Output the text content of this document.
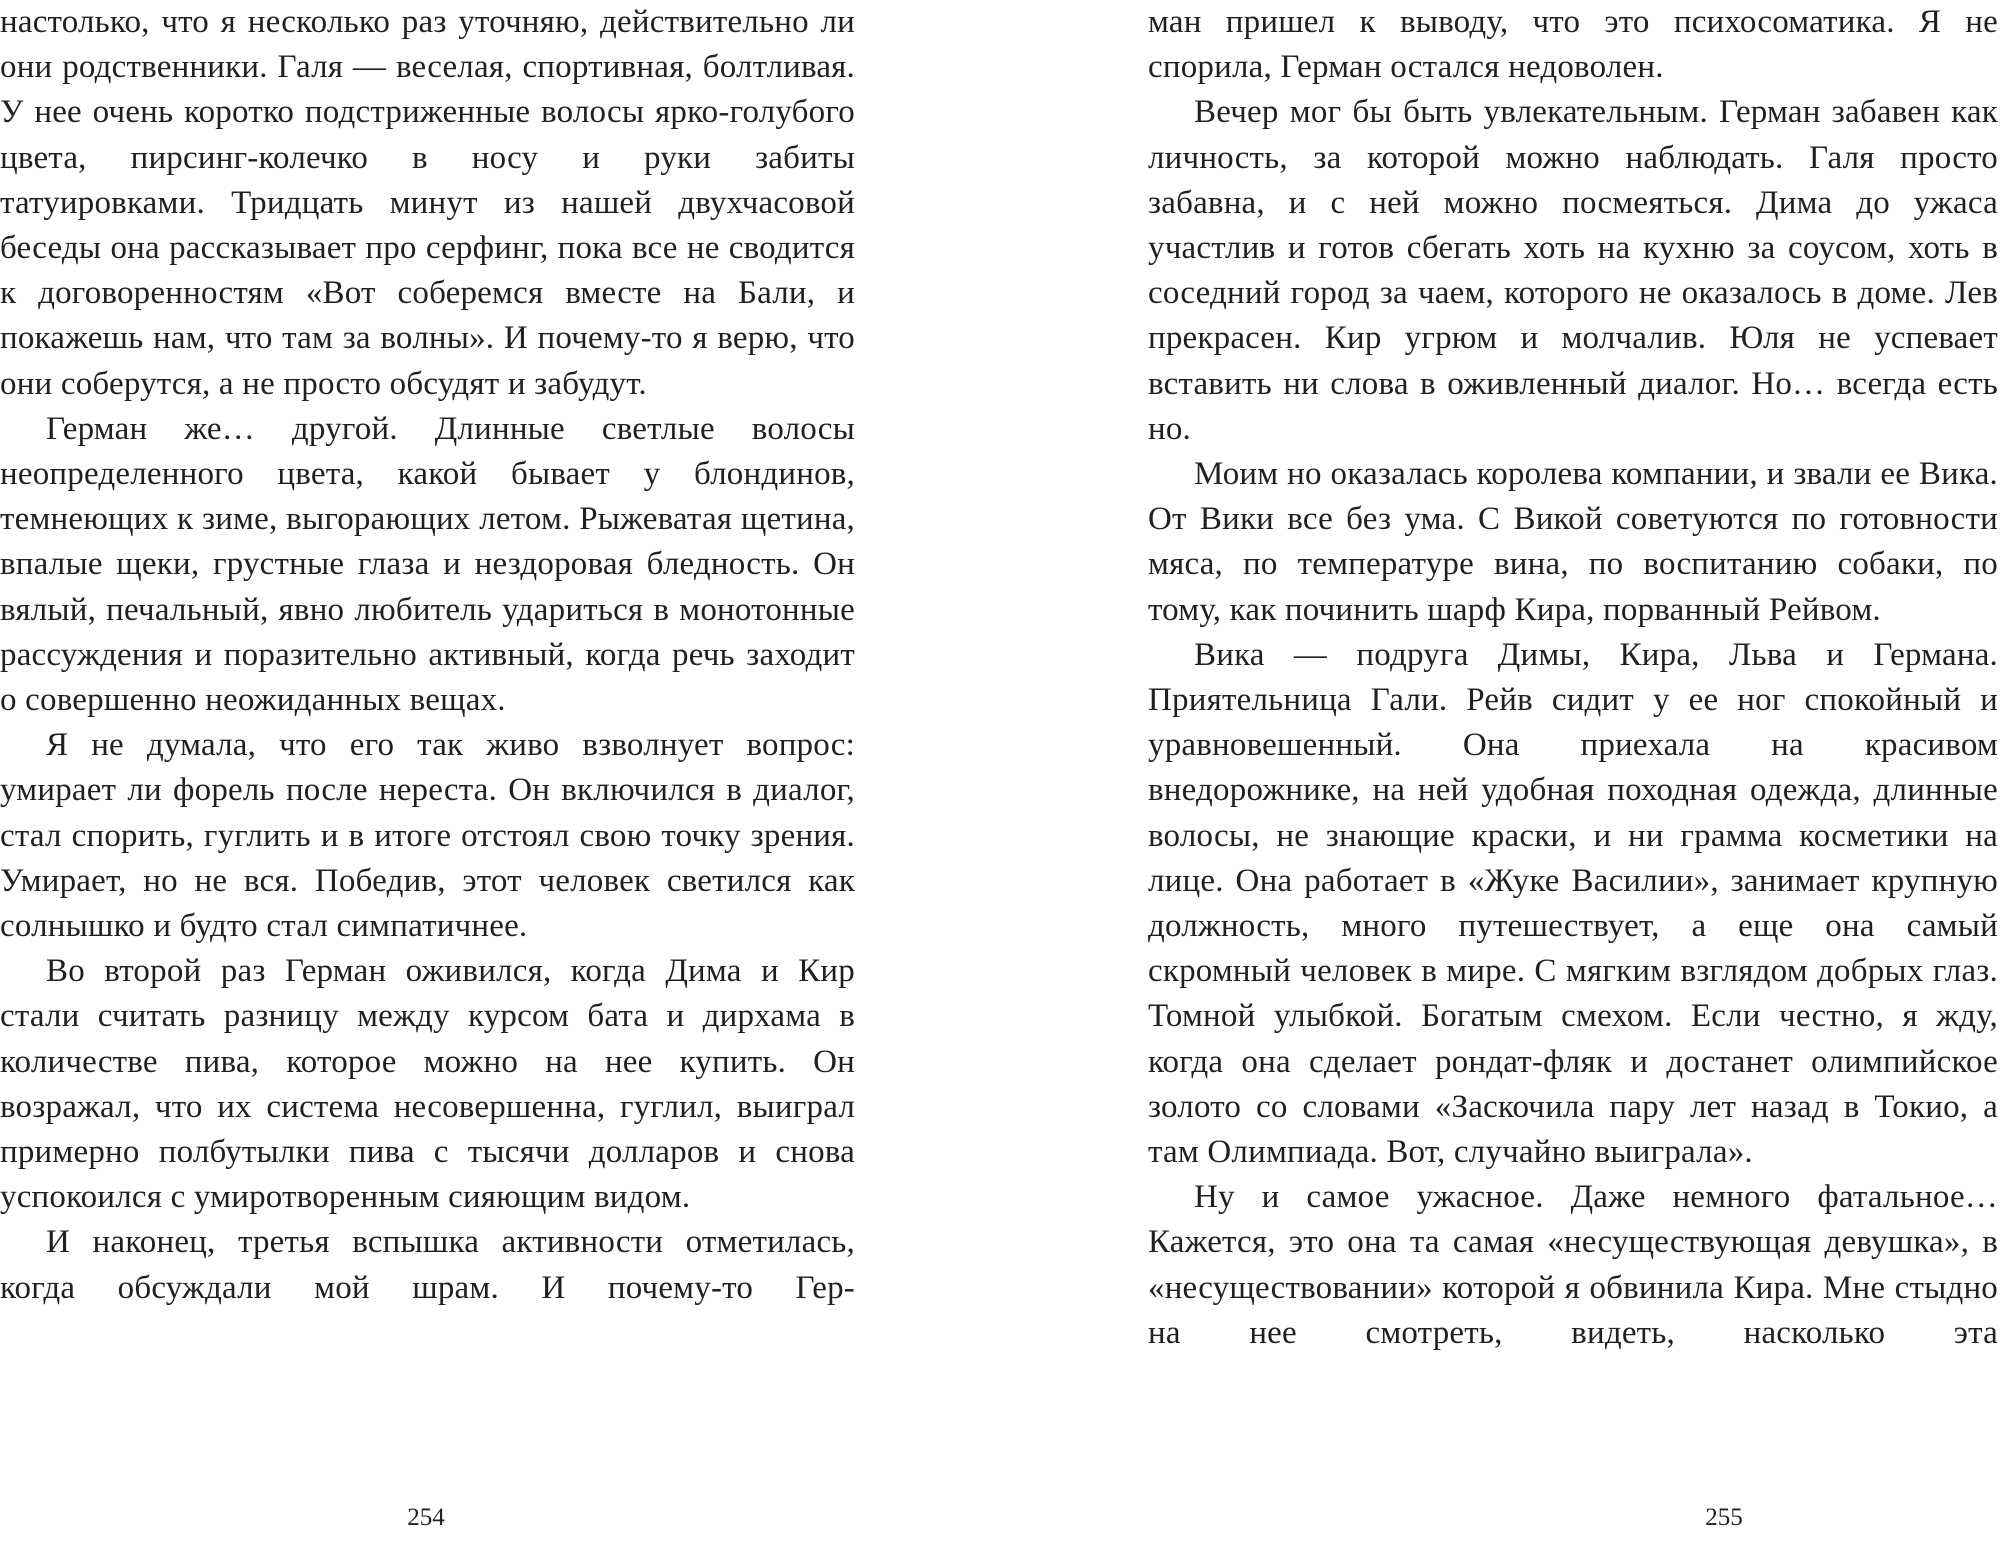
настолько, что я несколько раз уточняю, действительно ли они родственники. Галя — веселая, спортивная, болтливая. У нее очень коротко подстриженные волосы ярко-голубого цвета, пирсинг-колечко в носу и руки забиты татуировками. Тридцать минут из нашей двухчасовой беседы она рассказывает про серфинг, пока все не сводится к договоренностям «Вот соберемся вместе на Бали, и покажешь нам, что там за волны». И почему-то я верю, что они соберутся, а не просто обсудят и забудут.

Герман же… другой. Длинные светлые волосы неопределенного цвета, какой бывает у блондинов, темнеющих к зиме, выгорающих летом. Рыжеватая щетина, впалые щеки, грустные глаза и нездоровая бледность. Он вялый, печальный, явно любитель удариться в монотонные рассуждения и поразительно активный, когда речь заходит о совершенно неожиданных вещах.

Я не думала, что его так живо взволнует вопрос: умирает ли форель после нереста. Он включился в диалог, стал спорить, гуглить и в итоге отстоял свою точку зрения. Умирает, но не вся. Победив, этот человек светился как солнышко и будто стал симпатичнее.

Во второй раз Герман оживился, когда Дима и Кир стали считать разницу между курсом бата и дирхама в количестве пива, которое можно на нее купить. Он возражал, что их система несовершенна, гуглил, выиграл примерно полбутылки пива с тысячи долларов и снова успокоился с умиротворенным сияющим видом.

И наконец, третья вспышка активности отметилась, когда обсуждали мой шрам. И почему-то Гер-

254

ман пришел к выводу, что это психосоматика. Я не спорила, Герман остался недоволен.

Вечер мог бы быть увлекательным. Герман забавен как личность, за которой можно наблюдать. Галя просто забавна, и с ней можно посмеяться. Дима до ужаса участлив и готов сбегать хоть на кухню за соусом, хоть в соседний город за чаем, которого не оказалось в доме. Лев прекрасен. Кир угрюм и молчалив. Юля не успевает вставить ни слова в оживленный диалог. Но… всегда есть но.

Моим но оказалась королева компании, и звали ее Вика. От Вики все без ума. С Викой советуются по готовности мяса, по температуре вина, по воспитанию собаки, по тому, как починить шарф Кира, порванный Рейвом.

Вика — подруга Димы, Кира, Льва и Германа. Приятельница Гали. Рейв сидит у ее ног спокойный и уравновешенный. Она приехала на красивом внедорожнике, на ней удобная походная одежда, длинные волосы, не знающие краски, и ни грамма косметики на лице. Она работает в «Жуке Василии», занимает крупную должность, много путешествует, а еще она самый скромный человек в мире. С мягким взглядом добрых глаз. Томной улыбкой. Богатым смехом. Если честно, я жду, когда она сделает рондат-фляк и достанет олимпийское золото со словами «Заскочила пару лет назад в Токио, а там Олимпиада. Вот, случайно выиграла».

Ну и самое ужасное. Даже немного фатальное… Кажется, это она та самая «несуществующая девушка», в «несуществовании» которой я обвинила Кира. Мне стыдно на нее смотреть, видеть, насколько эта

255
